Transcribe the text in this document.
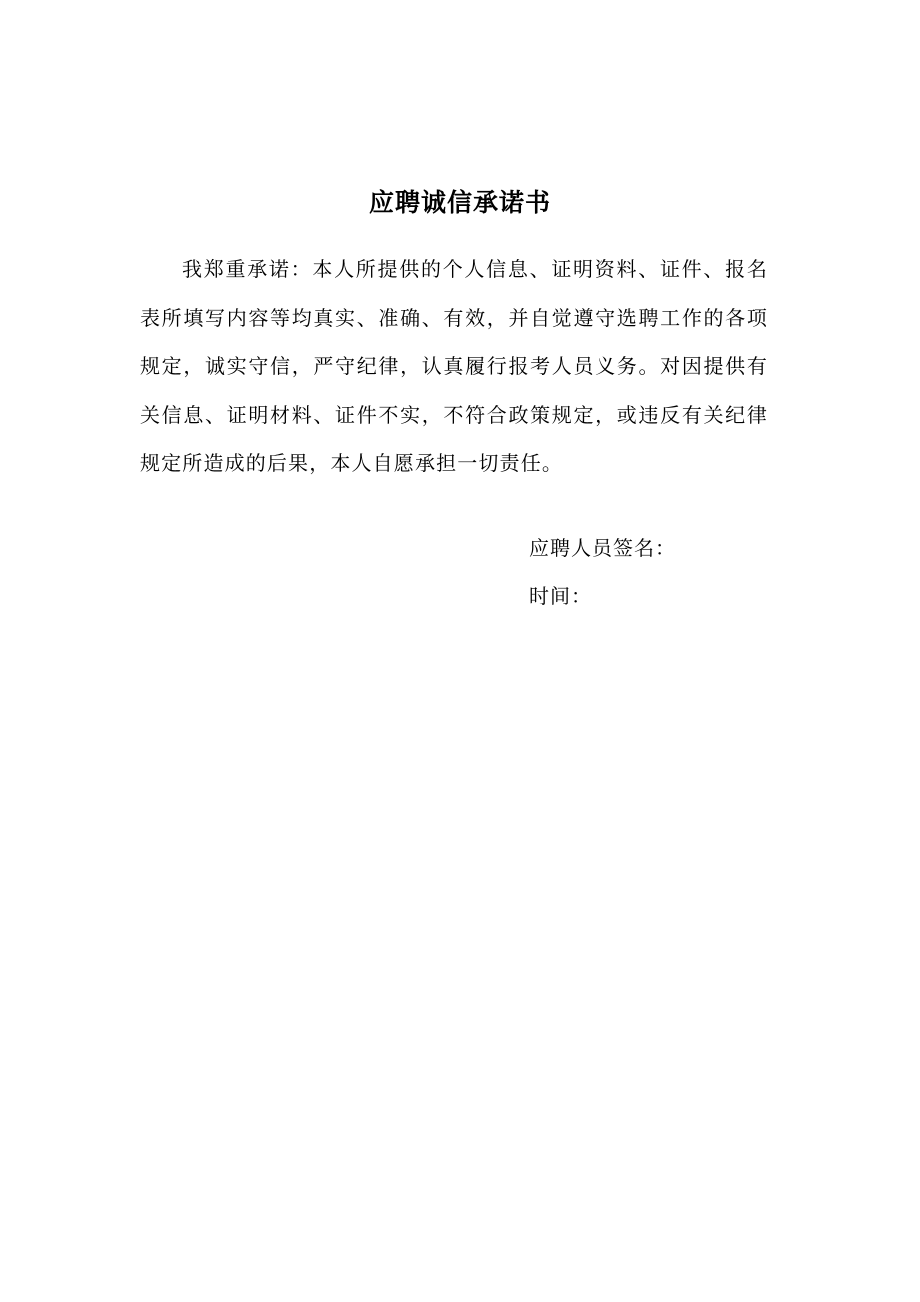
应聘诚信承诺书

我郑重承诺：本人所提供的个人信息、证明资料、证件、报名表所填写内容等均真实、准确、有效，并自觉遵守选聘工作的各项规定，诚实守信，严守纪律，认真履行报考人员义务。对因提供有关信息、证明材料、证件不实，不符合政策规定，或违反有关纪律规定所造成的后果，本人自愿承担一切责任。

应聘人员签名：
时间：
